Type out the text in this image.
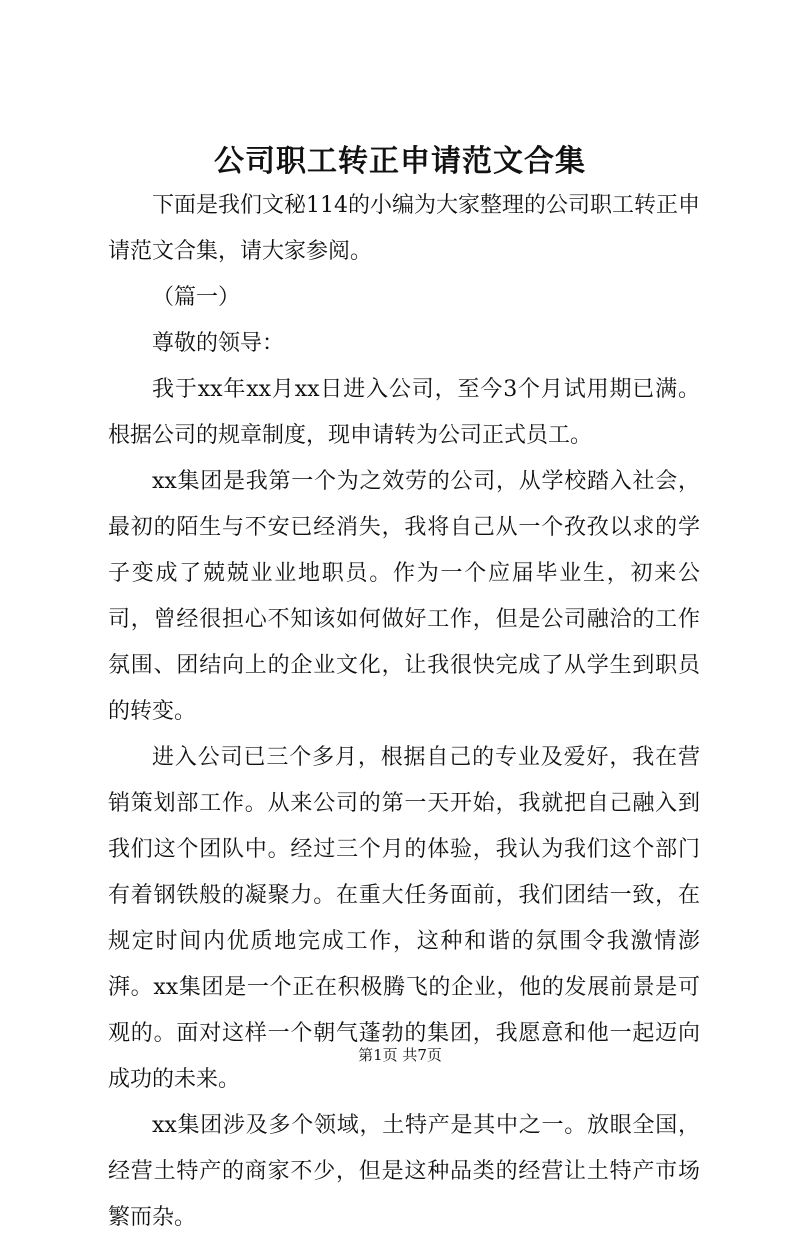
公司职工转正申请范文合集

下面是我们文秘114的小编为大家整理的公司职工转正申请范文合集，请大家参阅。

（篇一）

尊敬的领导：

我于xx年xx月xx日进入公司，至今3个月试用期已满。根据公司的规章制度，现申请转为公司正式员工。

xx集团是我第一个为之效劳的公司，从学校踏入社会，最初的陌生与不安已经消失，我将自己从一个孜孜以求的学子变成了兢兢业业地职员。作为一个应届毕业生，初来公司，曾经很担心不知该如何做好工作，但是公司融洽的工作氛围、团结向上的企业文化，让我很快完成了从学生到职员的转变。

进入公司已三个多月，根据自己的专业及爱好，我在营销策划部工作。从来公司的第一天开始，我就把自己融入到我们这个团队中。经过三个月的体验，我认为我们这个部门有着钢铁般的凝聚力。在重大任务面前，我们团结一致，在规定时间内优质地完成工作，这种和谐的氛围令我激情澎湃。xx集团是一个正在积极腾飞的企业，他的发展前景是可观的。面对这样一个朝气蓬勃的集团，我愿意和他一起迈向成功的未来。

xx集团涉及多个领域，土特产是其中之一。放眼全国，经营土特产的商家不少，但是这种品类的经营让土特产市场繁而杂。

第1页 共7页
